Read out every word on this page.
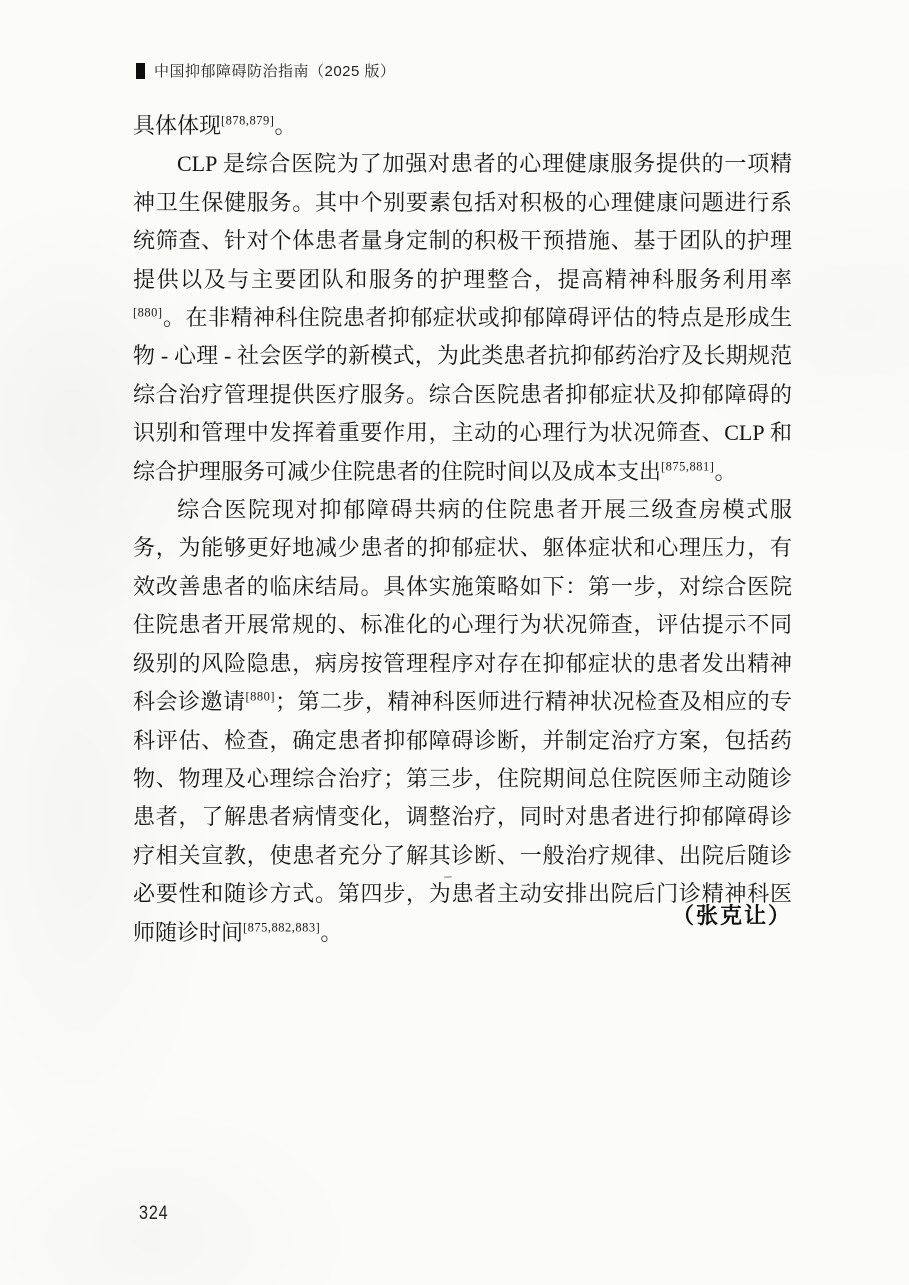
中国抑郁障碍防治指南（2025 版）

具体体现[878,879]。

CLP 是综合医院为了加强对患者的心理健康服务提供的一项精神卫生保健服务。其中个别要素包括对积极的心理健康问题进行系统筛查、针对个体患者量身定制的积极干预措施、基于团队的护理提供以及与主要团队和服务的护理整合，提高精神科服务利用率[880]。在非精神科住院患者抑郁症状或抑郁障碍评估的特点是形成生物 - 心理 - 社会医学的新模式，为此类患者抗抑郁药治疗及长期规范综合治疗管理提供医疗服务。综合医院患者抑郁症状及抑郁障碍的识别和管理中发挥着重要作用，主动的心理行为状况筛查、CLP 和综合护理服务可减少住院患者的住院时间以及成本支出[875,881]。

综合医院现对抑郁障碍共病的住院患者开展三级查房模式服务，为能够更好地减少患者的抑郁症状、躯体症状和心理压力，有效改善患者的临床结局。具体实施策略如下：第一步，对综合医院住院患者开展常规的、标准化的心理行为状况筛查，评估提示不同级别的风险隐患，病房按管理程序对存在抑郁症状的患者发出精神科会诊邀请[880]；第二步，精神科医师进行精神状况检查及相应的专科评估、检查，确定患者抑郁障碍诊断，并制定治疗方案，包括药物、物理及心理综合治疗；第三步，住院期间总住院医师主动随诊患者，了解患者病情变化，调整治疗，同时对患者进行抑郁障碍诊疗相关宣教，使患者充分了解其诊断、一般治疗规律、出院后随诊必要性和随诊方式。第四步，为患者主动安排出院后门诊精神科医师随诊时间[875,882,883]。

（张克让）
324
